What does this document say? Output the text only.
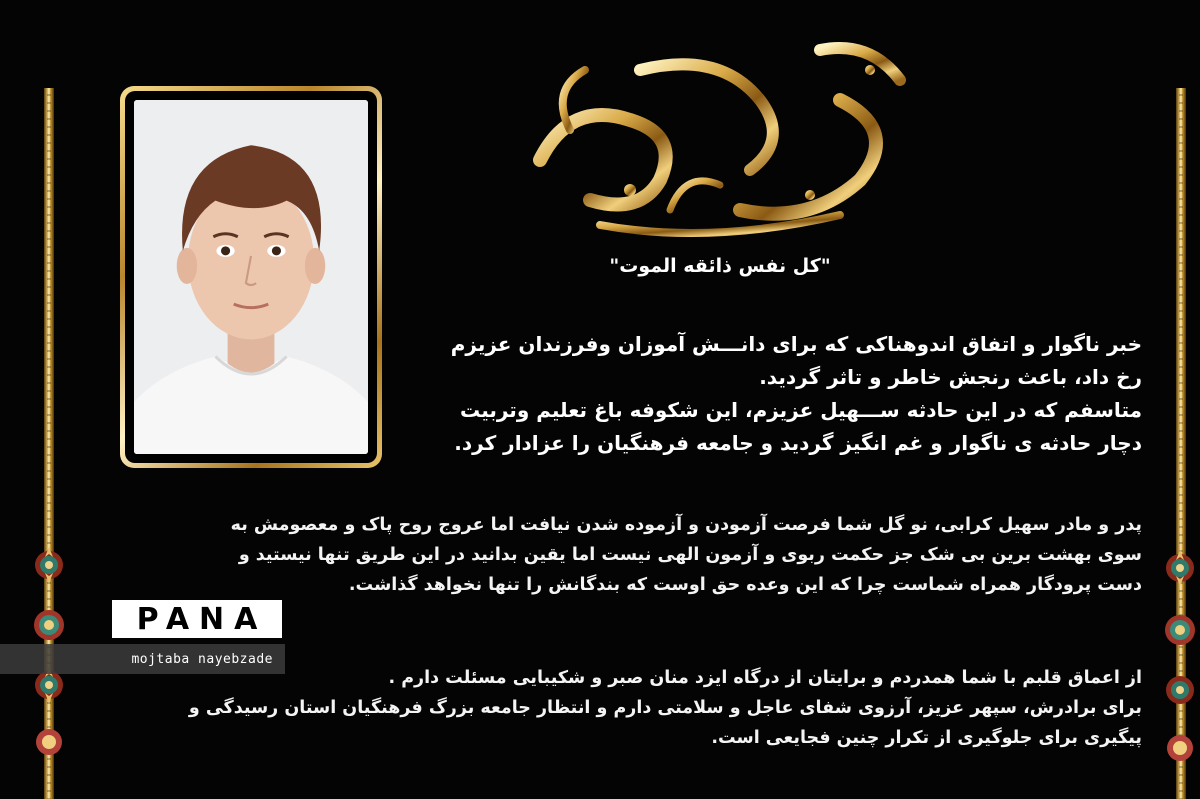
"کل نفس ذائقه الموت"

خبر ناگوار و اتفاق اندوهناکی که برای دانـــش آموزان وفرزندان عزیزم

رخ داد، باعث رنجش خاطر و تاثر گردید.

متاسفم که در این حادثه ســـهیل عزیزم، این شکوفه باغ تعلیم وتربیت

دچار حادثه ی ناگوار و غم انگیز گردید و جامعه فرهنگیان را عزادار کرد.

پدر و مادر سهیل کرابی، نو گل شما فرصت آزمودن و آزموده شدن نیافت اما عروج روح پاک و معصومش به

سوی بهشت برین بی شک جز حکمت ربوی و آزمون الهی نیست اما یقین بدانید در این طریق تنها نیستید و

دست پرودگار همراه شماست چرا که این وعده حق اوست که بندگانش را تنها نخواهد گذاشت.

از اعماق قلبم با شما همدردم و برایتان از درگاه ایزد منان صبر و شکیبایی مسئلت دارم .

برای برادرش، سپهر عزیز، آرزوی شفای عاجل و سلامتی دارم و انتظار جامعه بزرگ فرهنگیان استان رسیدگی و

پیگیری برای جلوگیری از تکرار چنین فجایعی است.

PANA
mojtaba nayebzade
